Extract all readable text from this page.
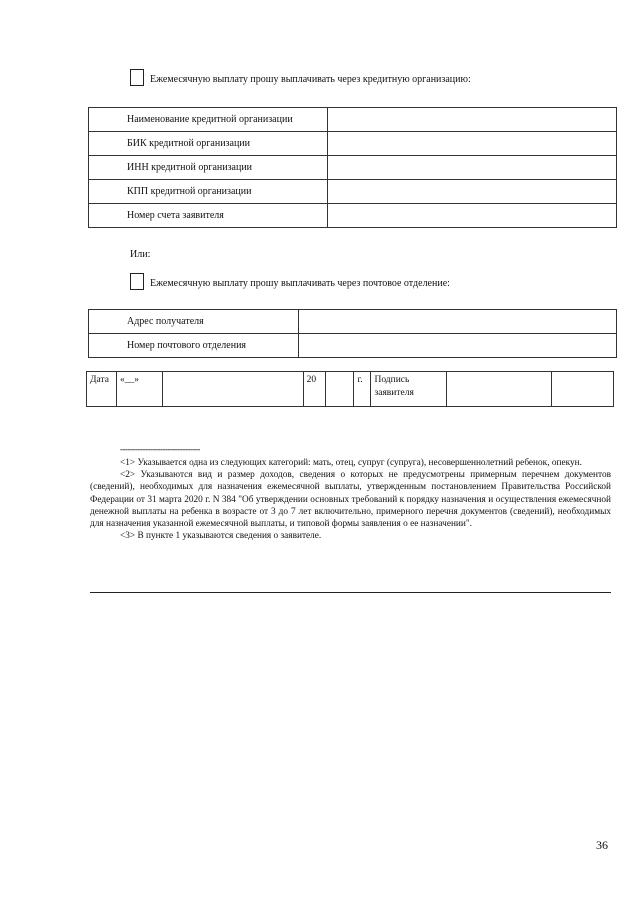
Ежемесячную выплату прошу выплачивать через кредитную организацию:
Наименование кредитной организации	
БИК кредитной организации	
ИНН кредитной организации	
КПП кредитной организации	
Номер счета заявителя	
Или:
Ежемесячную выплату прошу выплачивать через почтовое отделение:
Адрес получателя	
Номер почтового отделения	
Дата	«__»		20		г.	Подпись заявителя		
--------------------------------

<1> Указывается одна из следующих категорий: мать, отец, супруг (супруга), несовершеннолетний ребенок, опекун.

<2> Указываются вид и размер доходов, сведения о которых не предусмотрены примерным перечнем документов (сведений), необходимых для назначения ежемесячной выплаты, утвержденным постановлением Правительства Российской Федерации от 31 марта 2020 г. N 384 "Об утверждении основных требований к порядку назначения и осуществления ежемесячной денежной выплаты на ребенка в возрасте от 3 до 7 лет включительно, примерного перечня документов (сведений), необходимых для назначения указанной ежемесячной выплаты, и типовой формы заявления о ее назначении".

<3> В пункте 1 указываются сведения о заявителе.

36
